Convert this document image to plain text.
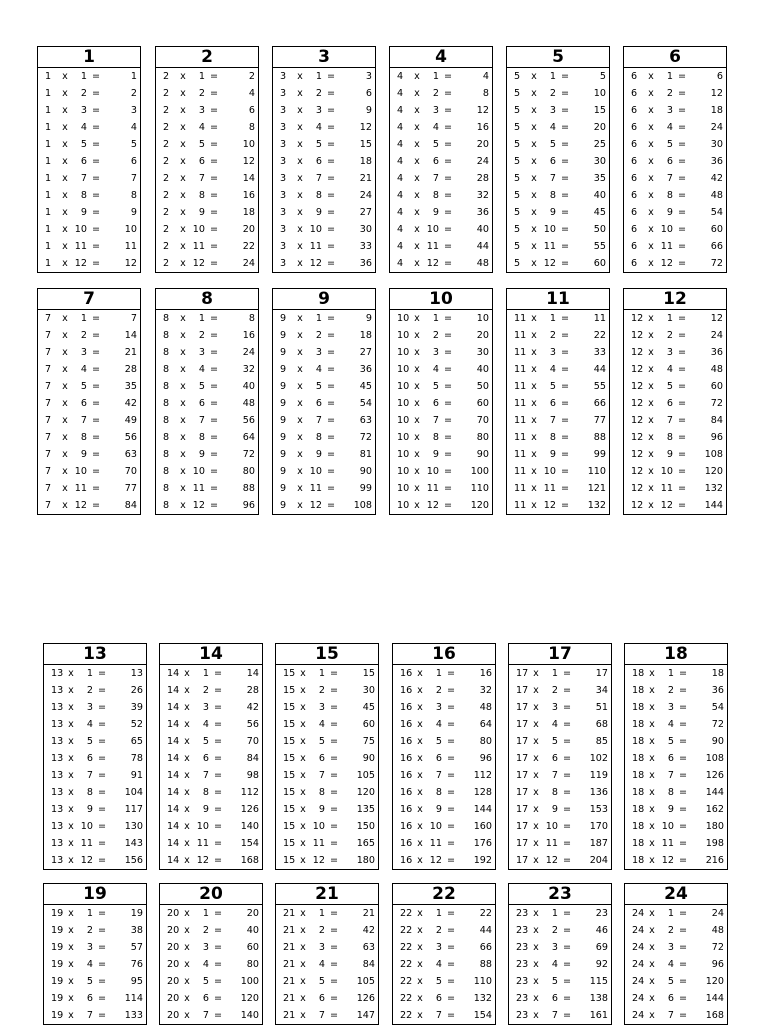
1
1	x	1 =	1
1	x	2 =	2
1	x	3 =	3
1	x	4 =	4
1	x	5 =	5
1	x	6 =	6
1	x	7 =	7
1	x	8 =	8
1	x	9 =	9
1	x 10 =	10
1	x 11 =	11
1	x 12 =	12
2
2	x	1 =	2
2	x	2 =	4
2	x	3 =	6
2	x	4 =	8
2	x	5 =	10
2	x	6 =	12
2	x	7 =	14
2	x	8 =	16
2	x	9 =	18
2	x 10 =	20
2	x 11 =	22
2	x 12 =	24
3
3	x	1 =	3
3	x	2 =	6
3	x	3 =	9
3	x	4 =	12
3	x	5 =	15
3	x	6 =	18
3	x	7 =	21
3	x	8 =	24
3	x	9 =	27
3	x 10 =	30
3	x 11 =	33
3	x 12 =	36
4
4	x	1 =	4
4	x	2 =	8
4	x	3 =	12
4	x	4 =	16
4	x	5 =	20
4	x	6 =	24
4	x	7 =	28
4	x	8 =	32
4	x	9 =	36
4	x 10 =	40
4	x 11 =	44
4	x 12 =	48
5
5	x	1 =	5
5	x	2 =	10
5	x	3 =	15
5	x	4 =	20
5	x	5 =	25
5	x	6 =	30
5	x	7 =	35
5	x	8 =	40
5	x	9 =	45
5	x 10 =	50
5	x 11 =	55
5	x 12 =	60
6
6	x	1 =	6
6	x	2 =	12
6	x	3 =	18
6	x	4 =	24
6	x	5 =	30
6	x	6 =	36
6	x	7 =	42
6	x	8 =	48
6	x	9 =	54
6	x 10 =	60
6	x 11 =	66
6	x 12 =	72
7
7	x	1 =	7
7	x	2 =	14
7	x	3 =	21
7	x	4 =	28
7	x	5 =	35
7	x	6 =	42
7	x	7 =	49
7	x	8 =	56
7	x	9 =	63
7	x 10 =	70
7	x 11 =	77
7	x 12 =	84
8
8	x	1 =	8
8	x	2 =	16
8	x	3 =	24
8	x	4 =	32
8	x	5 =	40
8	x	6 =	48
8	x	7 =	56
8	x	8 =	64
8	x	9 =	72
8	x 10 =	80
8	x 11 =	88
8	x 12 =	96
9
9	x	1 =	9
9	x	2 =	18
9	x	3 =	27
9	x	4 =	36
9	x	5 =	45
9	x	6 =	54
9	x	7 =	63
9	x	8 =	72
9	x	9 =	81
9	x 10 =	90
9	x 11 =	99
9	x 12 =	108
10
10 x	1 =	10
10 x	2 =	20
10 x	3 =	30
10 x	4 =	40
10 x	5 =	50
10 x	6 =	60
10 x	7 =	70
10 x	8 =	80
10 x	9 =	90
10 x 10 =	100
10 x 11 =	110
10 x 12 =	120
11
11 x	1 =	11
11 x	2 =	22
11 x	3 =	33
11 x	4 =	44
11 x	5 =	55
11 x	6 =	66
11 x	7 =	77
11 x	8 =	88
11 x	9 =	99
11 x 10 =	110
11 x 11 =	121
11 x 12 =	132
12
12 x	1 =	12
12 x	2 =	24
12 x	3 =	36
12 x	4 =	48
12 x	5 =	60
12 x	6 =	72
12 x	7 =	84
12 x	8 =	96
12 x	9 =	108
12 x 10 =	120
12 x 11 =	132
12 x 12 =	144
13
13 x	1 =	13
13 x	2 =	26
13 x	3 =	39
13 x	4 =	52
13 x	5 =	65
13 x	6 =	78
13 x	7 =	91
13 x	8 =	104
13 x	9 =	117
13 x 10 =	130
13 x 11 =	143
13 x 12 =	156
14
14 x	1 =	14
14 x	2 =	28
14 x	3 =	42
14 x	4 =	56
14 x	5 =	70
14 x	6 =	84
14 x	7 =	98
14 x	8 =	112
14 x	9 =	126
14 x 10 =	140
14 x 11 =	154
14 x 12 =	168
15
15 x	1 =	15
15 x	2 =	30
15 x	3 =	45
15 x	4 =	60
15 x	5 =	75
15 x	6 =	90
15 x	7 =	105
15 x	8 =	120
15 x	9 =	135
15 x 10 =	150
15 x 11 =	165
15 x 12 =	180
16
16 x	1 =	16
16 x	2 =	32
16 x	3 =	48
16 x	4 =	64
16 x	5 =	80
16 x	6 =	96
16 x	7 =	112
16 x	8 =	128
16 x	9 =	144
16 x 10 =	160
16 x 11 =	176
16 x 12 =	192
17
17 x	1 =	17
17 x	2 =	34
17 x	3 =	51
17 x	4 =	68
17 x	5 =	85
17 x	6 =	102
17 x	7 =	119
17 x	8 =	136
17 x	9 =	153
17 x 10 =	170
17 x 11 =	187
17 x 12 =	204
18
18 x	1 =	18
18 x	2 =	36
18 x	3 =	54
18 x	4 =	72
18 x	5 =	90
18 x	6 =	108
18 x	7 =	126
18 x	8 =	144
18 x	9 =	162
18 x 10 =	180
18 x 11 =	198
18 x 12 =	216
19
19 x	1 =	19
19 x	2 =	38
19 x	3 =	57
19 x	4 =	76
19 x	5 =	95
19 x	6 =	114
19 x	7 =	133
20
20 x	1 =	20
20 x	2 =	40
20 x	3 =	60
20 x	4 =	80
20 x	5 =	100
20 x	6 =	120
20 x	7 =	140
21
21 x	1 =	21
21 x	2 =	42
21 x	3 =	63
21 x	4 =	84
21 x	5 =	105
21 x	6 =	126
21 x	7 =	147
22
22 x	1 =	22
22 x	2 =	44
22 x	3 =	66
22 x	4 =	88
22 x	5 =	110
22 x	6 =	132
22 x	7 =	154
23
23 x	1 =	23
23 x	2 =	46
23 x	3 =	69
23 x	4 =	92
23 x	5 =	115
23 x	6 =	138
23 x	7 =	161
24
24 x	1 =	24
24 x	2 =	48
24 x	3 =	72
24 x	4 =	96
24 x	5 =	120
24 x	6 =	144
24 x	7 =	168
